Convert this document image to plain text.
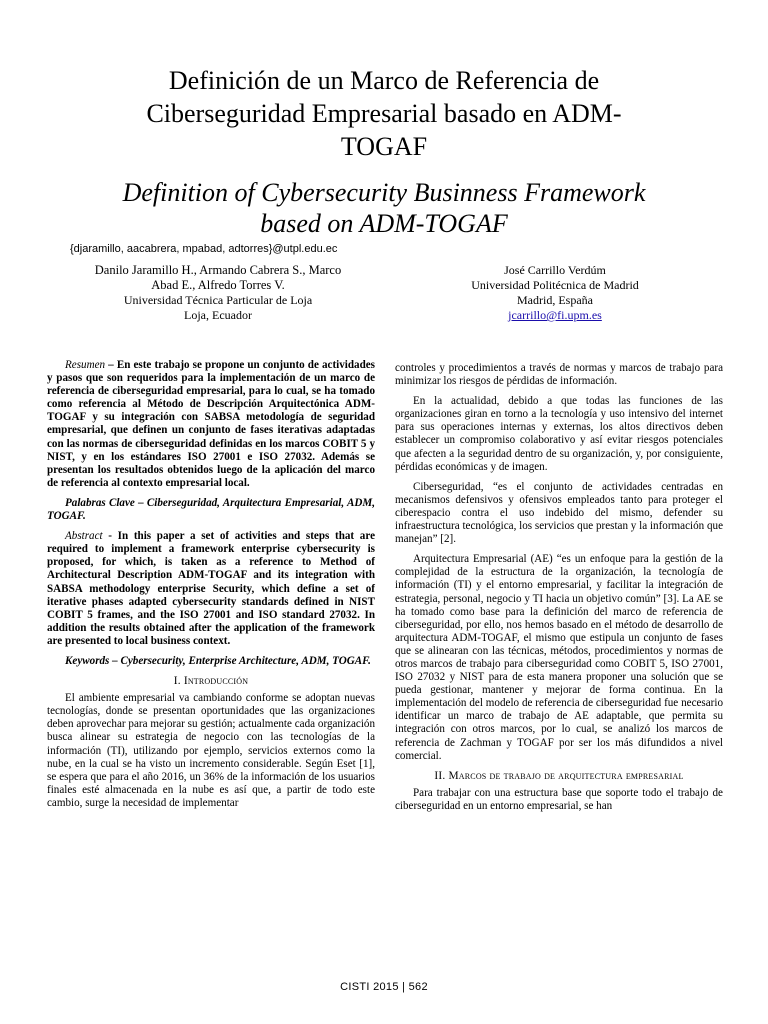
Definición de un Marco de Referencia de
Ciberseguridad Empresarial basado en ADM-
TOGAF
Definition of Cybersecurity Businness Framework
based on ADM-TOGAF
{djaramillo, aacabrera, mpabad, adtorres}@utpl.edu.ec
Danilo Jaramillo H., Armando Cabrera S., Marco
Abad E., Alfredo Torres V.
Universidad Técnica Particular de Loja
Loja, Ecuador
José Carrillo Verdúm
Universidad Politécnica de Madrid
Madrid, España
jcarrillo@fi.upm.es

Resumen – En este trabajo se propone un conjunto de actividades y pasos que son requeridos para la implementación de un marco de referencia de ciberseguridad empresarial, para lo cual, se ha tomado como referencia al Método de Descripción Arquitectónica ADM-TOGAF y su integración con SABSA metodología de seguridad empresarial, que definen un conjunto de fases iterativas adaptadas con las normas de ciberseguridad definidas en los marcos COBIT 5 y NIST, y en los estándares ISO 27001 e ISO 27032. Además se presentan los resultados obtenidos luego de la aplicación del marco de referencia al contexto empresarial local.

Palabras Clave – Ciberseguridad, Arquitectura Empresarial, ADM, TOGAF.

Abstract - In this paper a set of activities and steps that are required to implement a framework enterprise cybersecurity is proposed, for which, is taken as a reference to Method of Architectural Description ADM-TOGAF and its integration with SABSA methodology enterprise Security, which define a set of iterative phases adapted cybersecurity standards defined in NIST COBIT 5 frames, and the ISO 27001 and ISO standard 27032. In addition the results obtained after the application of the framework are presented to local business context.

Keywords – Cybersecurity, Enterprise Architecture, ADM, TOGAF.

I. Introducción

El ambiente empresarial va cambiando conforme se adoptan nuevas tecnologías, donde se presentan oportunidades que las organizaciones deben aprovechar para mejorar su gestión; actualmente cada organización busca alinear su estrategia de negocio con las tecnologías de la información (TI), utilizando por ejemplo, servicios externos como la nube, en la cual se ha visto un incremento considerable. Según Eset [1], se espera que para el año 2016, un 36% de la información de los usuarios finales esté almacenada en la nube es así que, a partir de todo este cambio, surge la necesidad de implementar

controles y procedimientos a través de normas y marcos de trabajo para minimizar los riesgos de pérdidas de información.

En la actualidad, debido a que todas las funciones de las organizaciones giran en torno a la tecnología y uso intensivo del internet para sus operaciones internas y externas, los altos directivos deben establecer un compromiso colaborativo y así evitar riesgos potenciales que afecten a la seguridad dentro de su organización, y, por consiguiente, pérdidas económicas y de imagen.

Ciberseguridad, “es el conjunto de actividades centradas en mecanismos defensivos y ofensivos empleados tanto para proteger el ciberespacio contra el uso indebido del mismo, defender su infraestructura tecnológica, los servicios que prestan y la información que manejan” [2].

Arquitectura Empresarial (AE) “es un enfoque para la gestión de la complejidad de la estructura de la organización, la tecnología de información (TI) y el entorno empresarial, y facilitar la integración de estrategia, personal, negocio y TI hacia un objetivo común” [3]. La AE se ha tomado como base para la definición del marco de referencia de ciberseguridad, por ello, nos hemos basado en el método de desarrollo de arquitectura ADM-TOGAF, el mismo que estipula un conjunto de fases que se alinearan con las técnicas, métodos, procedimientos y normas de otros marcos de trabajo para ciberseguridad como COBIT 5, ISO 27001, ISO 27032 y NIST para de esta manera proponer una solución que se pueda gestionar, mantener y mejorar de forma continua. En la implementación del modelo de referencia de ciberseguridad fue necesario identificar un marco de trabajo de AE adaptable, que permita su integración con otros marcos, por lo cual, se analizó los marcos de referencia de Zachman y TOGAF por ser los más difundidos a nivel comercial.

II. Marcos de trabajo de arquitectura empresarial

Para trabajar con una estructura base que soporte todo el trabajo de ciberseguridad en un entorno empresarial, se han

CISTI 2015 | 562
